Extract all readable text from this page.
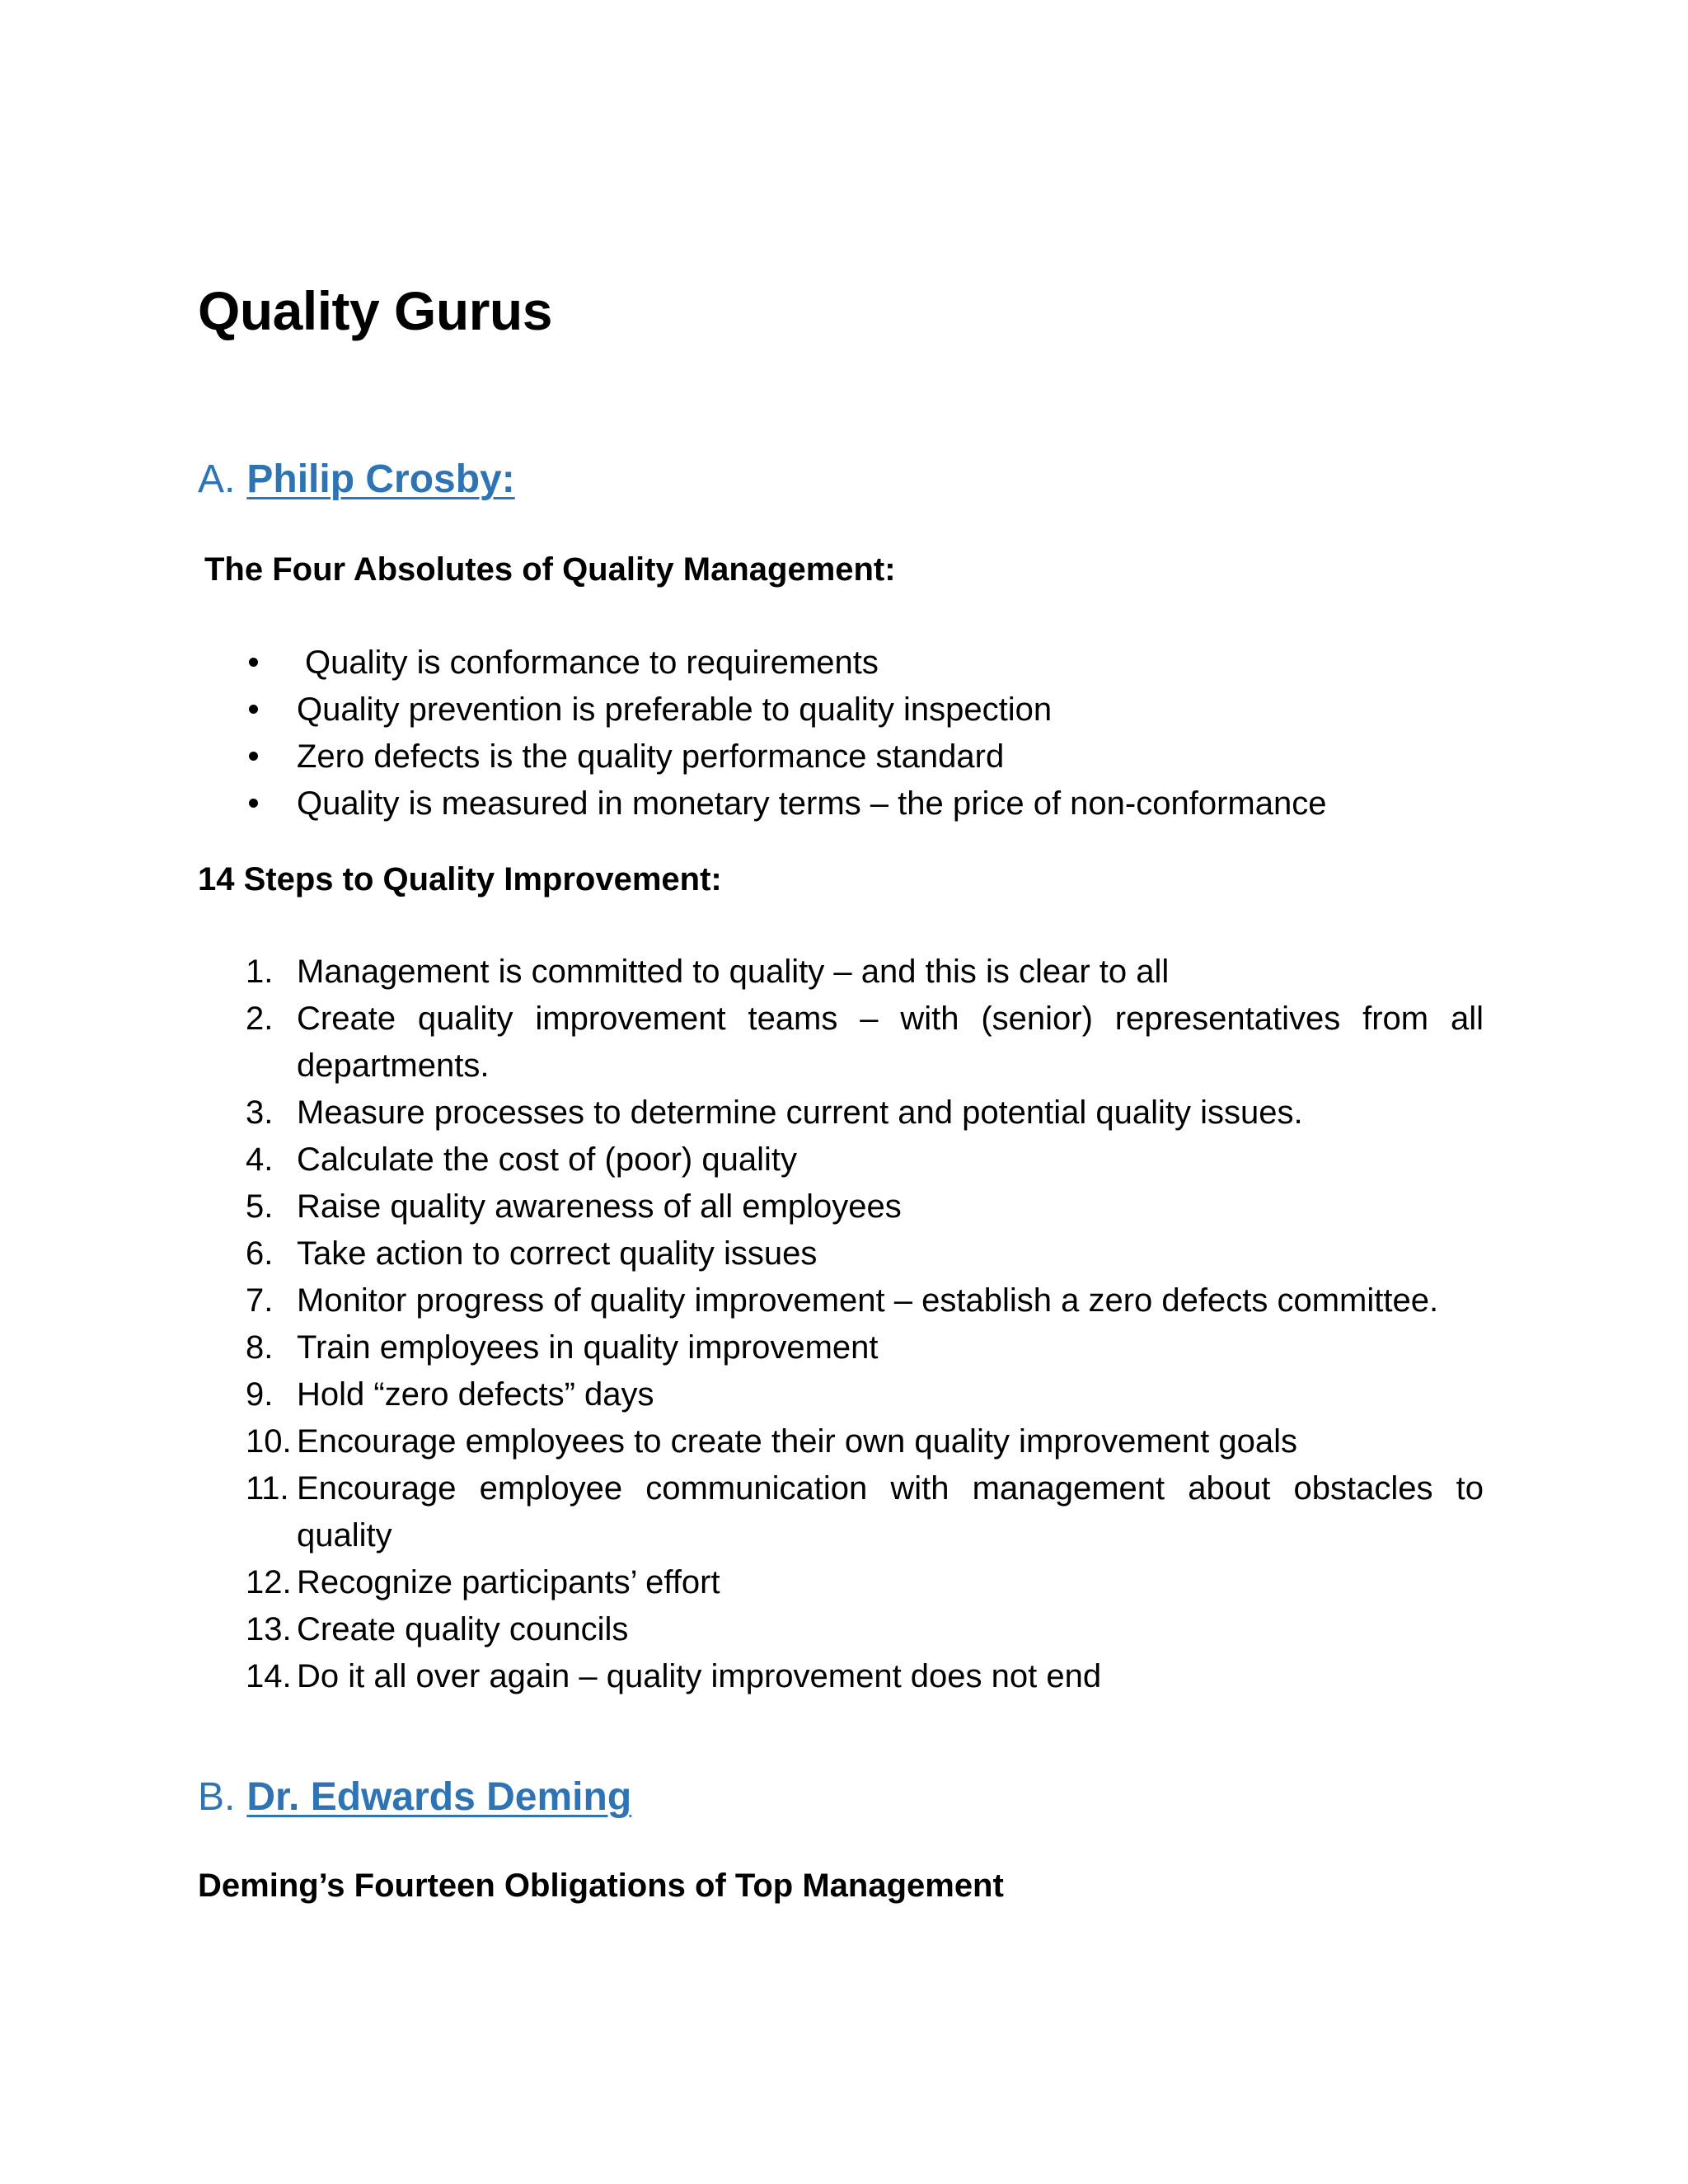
Quality Gurus
A. Philip Crosby:
The Four Absolutes of Quality Management:
Quality is conformance to requirements
Quality prevention is preferable to quality inspection
Zero defects is the quality performance standard
Quality is measured in monetary terms – the price of non-conformance
14 Steps to Quality Improvement:
1. Management is committed to quality – and this is clear to all
2. Create quality improvement teams – with (senior) representatives from all departments.
3. Measure processes to determine current and potential quality issues.
4. Calculate the cost of (poor) quality
5. Raise quality awareness of all employees
6. Take action to correct quality issues
7. Monitor progress of quality improvement – establish a zero defects committee.
8. Train employees in quality improvement
9. Hold “zero defects” days
10. Encourage employees to create their own quality improvement goals
11. Encourage employee communication with management about obstacles to quality
12. Recognize participants’ effort
13. Create quality councils
14. Do it all over again – quality improvement does not end
B. Dr. Edwards Deming
Deming’s Fourteen Obligations of Top Management
